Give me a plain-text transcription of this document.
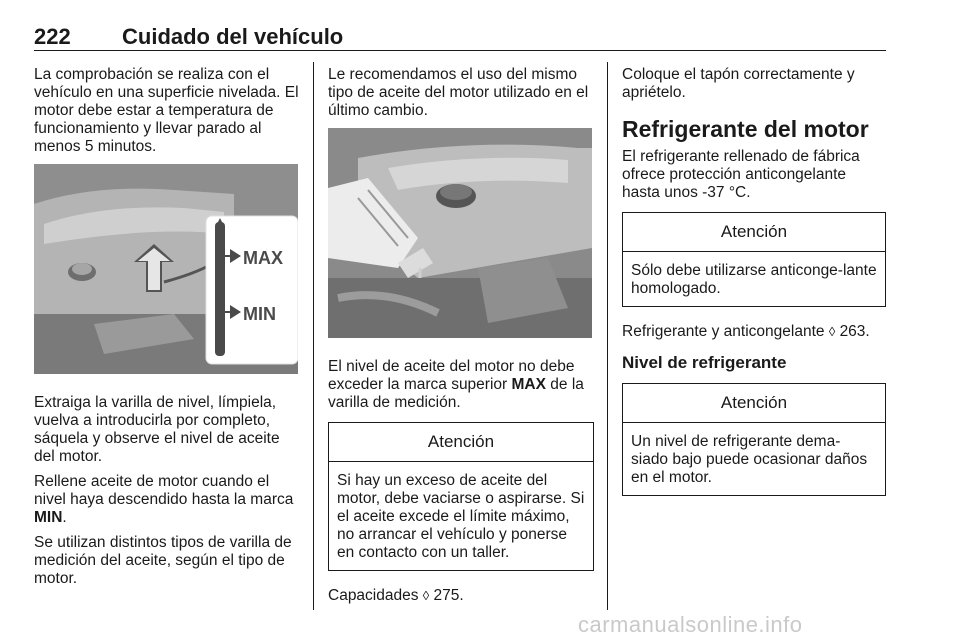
222 Cuidado del vehículo

La comprobación se realiza con el vehículo en una superficie nivelada. El motor debe estar a temperatura de funcionamiento y llevar parado al menos 5 minutos.

MAX
MIN

Extraiga la varilla de nivel, límpiela, vuelva a introducirla por completo, sáquela y observe el nivel de aceite del motor.

Rellene aceite de motor cuando el nivel haya descendido hasta la marca MIN.

Se utilizan distintos tipos de varilla de medición del aceite, según el tipo de motor.

Le recomendamos el uso del mismo tipo de aceite del motor utilizado en el último cambio.

El nivel de aceite del motor no debe exceder la marca superior MAX de la varilla de medición.

Atención
Si hay un exceso de aceite del motor, debe vaciarse o aspirarse. Si el aceite excede el límite máximo, no arrancar el vehículo y ponerse en contacto con un taller.

Capacidades ◊ 275.

Coloque el tapón correctamente y apriételo.

Refrigerante del motor

El refrigerante rellenado de fábrica ofrece protección anticongelante hasta unos -37 °C.

Atención
Sólo debe utilizarse anticonge-lante homologado.

Refrigerante y anticongelante ◊ 263.

Nivel de refrigerante
Atención
Un nivel de refrigerante dema-siado bajo puede ocasionar daños en el motor.
carmanualsonline.info
